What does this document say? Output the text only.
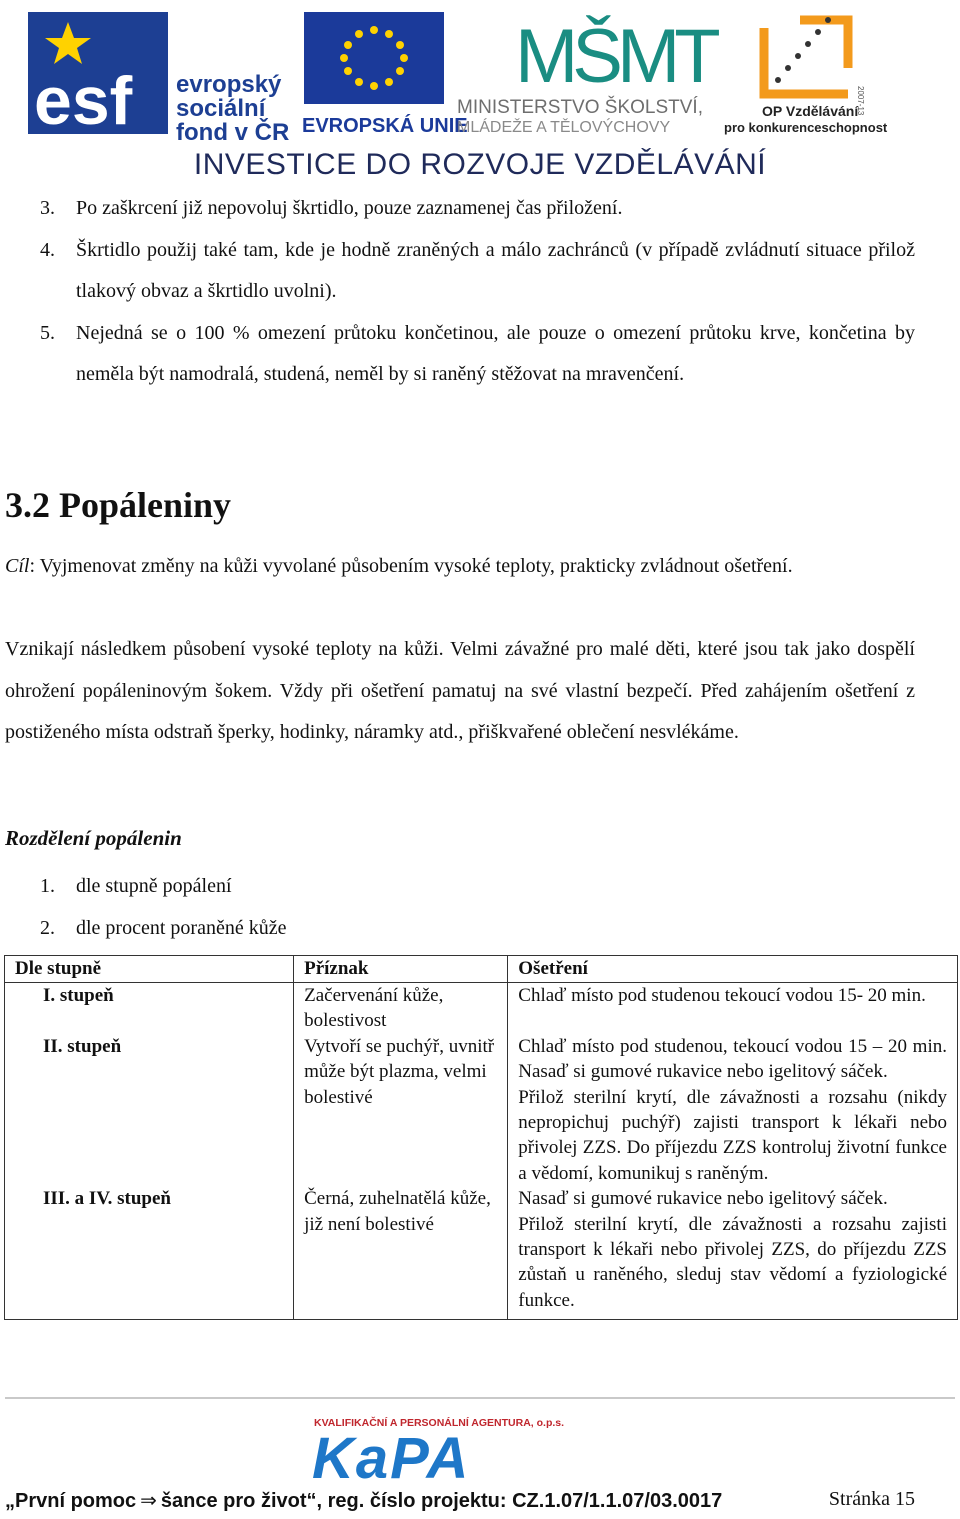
esf evropský
sociální
fond v ČR EVROPSKÁ UNIE
MŠMT
MINISTERSTVO ŠKOLSTVÍ,
MLÁDEŽE A TĚLOVÝCHOVY
2007-13
OP Vzdělávání
pro konkurenceschopnost
INVESTICE DO ROZVOJE VZDĚLÁVÁNÍ
3. Po zaškrcení již nepovoluj škrtidlo, pouze zaznamenej čas přiložení.
4. Škrtidlo použij také tam, kde je hodně zraněných a málo zachránců (v případě zvládnutí situace přilož tlakový obvaz a škrtidlo uvolni).
5. Nejedná se o 100 % omezení průtoku končetinou, ale pouze o omezení průtoku krve, končetina by neměla být namodralá, studená, neměl by si raněný stěžovat na mravenčení.
3.2 Popáleniny

Cíl: Vyjmenovat změny na kůži vyvolané působením vysoké teploty, prakticky zvládnout ošetření.

Vznikají následkem působení vysoké teploty na kůži. Velmi závažné pro malé děti, které jsou tak jako dospělí ohrožení popáleninovým šokem. Vždy při ošetření pamatuj na své vlastní bezpečí. Před zahájením ošetření z postiženého místa odstraň šperky, hodinky, náramky atd., přiškvařené oblečení nesvlékáme.

Rozdělení popálenin
1. dle stupně popálení
2. dle procent poraněné kůže
Dle stupně	Příznak	Ošetření
I. stupeň	Začervenání kůže, bolestivost	Chlaď místo pod studenou tekoucí vodou 15- 20 min.

II. stupeň	Vytvoří se puchýř, uvnitř může být plazma, velmi bolestivé	Chlaď místo pod studenou, tekoucí vodou 15 – 20 min. Nasaď si gumové rukavice nebo igelitový sáček.
Přilož sterilní krytí, dle závažnosti a rozsahu (nikdy nepropichuj puchýř) zajisti transport k lékaři nebo přivolej ZZS. Do příjezdu ZZS kontroluj životní funkce a vědomí, komunikuj s raněným.

III. a IV. stupeň	Černá, zuhelnatělá kůže, již není bolestivé	Nasaď si gumové rukavice nebo igelitový sáček.
Přilož sterilní krytí, dle závažnosti a rozsahu zajisti transport k lékaři nebo přivolej ZZS, do příjezdu ZZS zůstaň u raněného, sleduj stav vědomí a fyziologické funkce.
KVALIFIKAČNÍ A PERSONÁLNÍ AGENTURA, o.p.s.
KaPA
„První pomoc ⇒ šance pro život“, reg. číslo projektu: CZ.1.07/1.1.07/03.0017	Stránka 15
